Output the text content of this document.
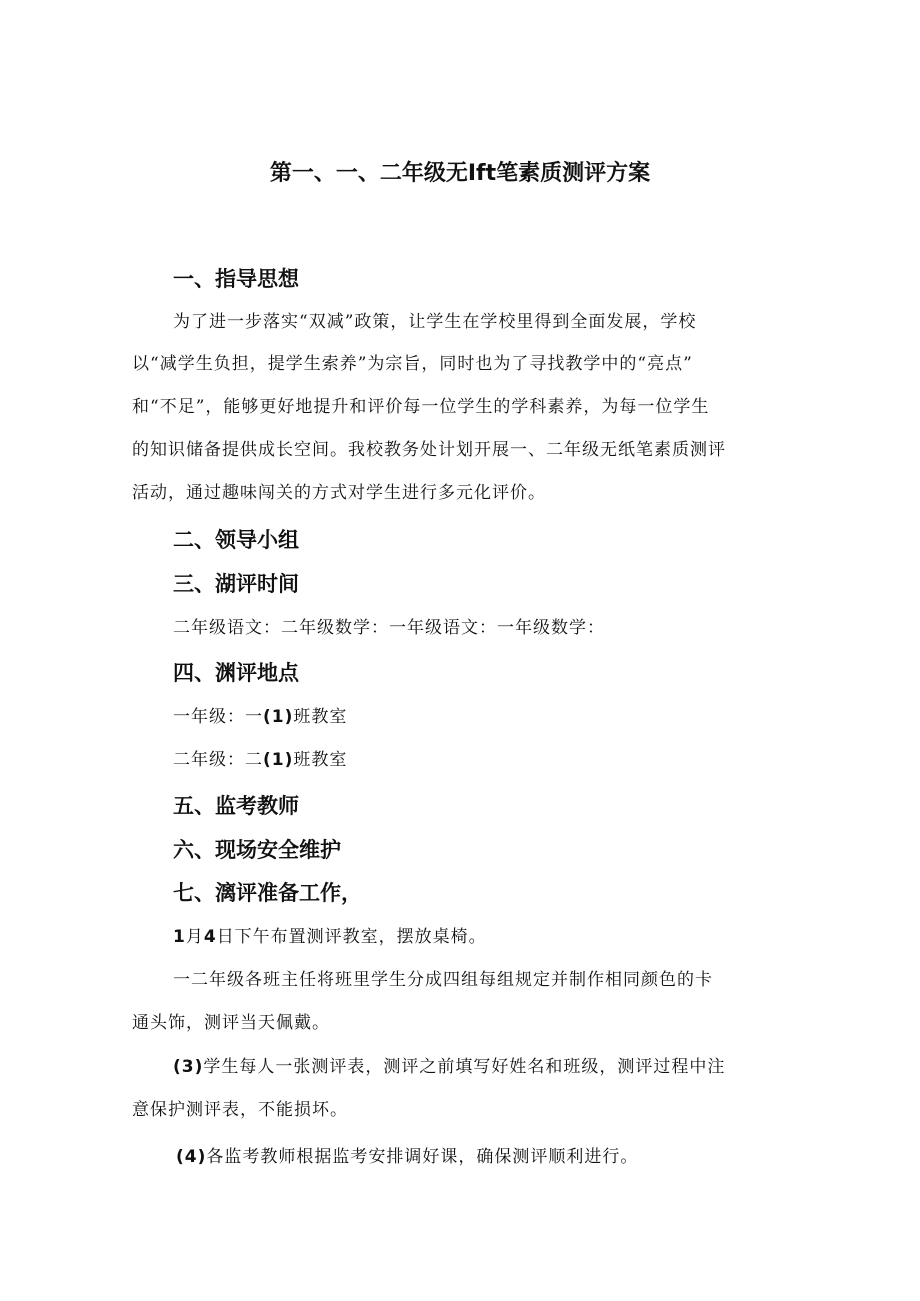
第一、一、二年级无Ift笔素质测评方案
一、指导思想
为了进一步落实“双减”政策，让学生在学校里得到全面发展，学校
以“减学生负担，提学生索养”为宗旨，同时也为了寻找教学中的“亮点”
和“不足”，能够更好地提升和评价每一位学生的学科素养，为每一位学生
的知识储备提供成长空间。我校教务处计划开展一、二年级无纸笔素质测评
活动，通过趣味闯关的方式对学生进行多元化评价。
二、领导小组
三、湖评时间
二年级语文：二年级数学：一年级语文：一年级数学：
四、渊评地点
一年级：一(1)班教室
二年级：二(1)班教室
五、监考教师
六、现场安全维护
七、漓评准备工作，
1月4日下午布置测评教室，摆放桌椅。
一二年级各班主任将班里学生分成四组每组规定并制作相同颜色的卡
通头饰，测评当天佩戴。
(3)学生每人一张测评表，测评之前填写好姓名和班级，测评过程中注
意保护测评表，不能损坏。
(4)各监考教师根据监考安排调好课，确保测评顺利进行。
